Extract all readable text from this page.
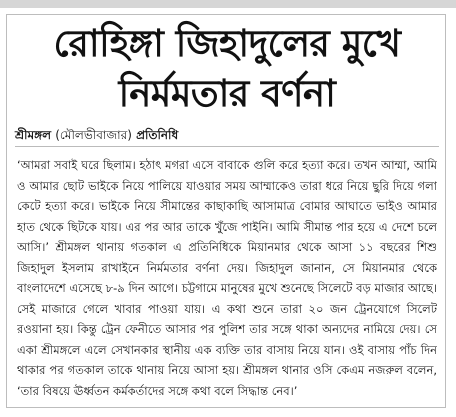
রোহিঙ্গা জিহাদুলের মুখে
নির্মমতার বর্ণনা
শ্রীমঙ্গল (মৌলভীবাজার) প্রতিনিধি
‘আমরা সবাই ঘরে ছিলাম। হঠাৎ মগরা এসে বাবাকে গুলি করে হত্যা করে। তখন আম্মা, আমি ও আমার ছোট ভাইকে নিয়ে পালিয়ে যাওয়ার সময় আম্মাকেও তারা ধরে নিয়ে ছুরি দিয়ে গলা কেটে হত্যা করে। ভাইকে নিয়ে সীমান্তের কাছাকাছি আসামাত্র বোমার আঘাতে ভাইও আমার হাত থেকে ছিটকে যায়। এর পর আর তাকে খুঁজে পাইনি। আমি সীমান্ত পার হয়ে এ দেশে চলে আসি।’ শ্রীমঙ্গল থানায় গতকাল এ প্রতিনিধিকে মিয়ানমার থেকে আসা ১১ বছরের শিশু জিহাদুল ইসলাম রাখাইনে নির্মমতার বর্ণনা দেয়। জিহাদুল জানান, সে মিয়ানমার থেকে বাংলাদেশে এসেছে ৮-৯ দিন আগে। চট্টগামে মানুষের মুখে শুনেছে সিলেটে বড় মাজার আছে। সেই মাজারে গেলে খাবার পাওয়া যায়। এ কথা শুনে তারা ২০ জন ট্রেনযোগে সিলেট রওয়ানা হয়। কিন্তু ট্রেন ফেনীতে আসার পর পুলিশ তার সঙ্গে থাকা অন্যদের নামিয়ে দেয়। সে একা শ্রীমঙ্গলে এলে সেখানকার স্থানীয় এক ব্যক্তি তার বাসায় নিয়ে যান। ওই বাসায় পাঁচ দিন থাকার পর গতকাল তাকে থানায় নিয়ে আসা হয়। শ্রীমঙ্গল থানার ওসি কেএম নজরুল বলেন, ‘তার বিষয়ে ঊর্ধ্বতন কর্মকর্তাদের সঙ্গে কথা বলে সিদ্ধান্ত নেব।’
